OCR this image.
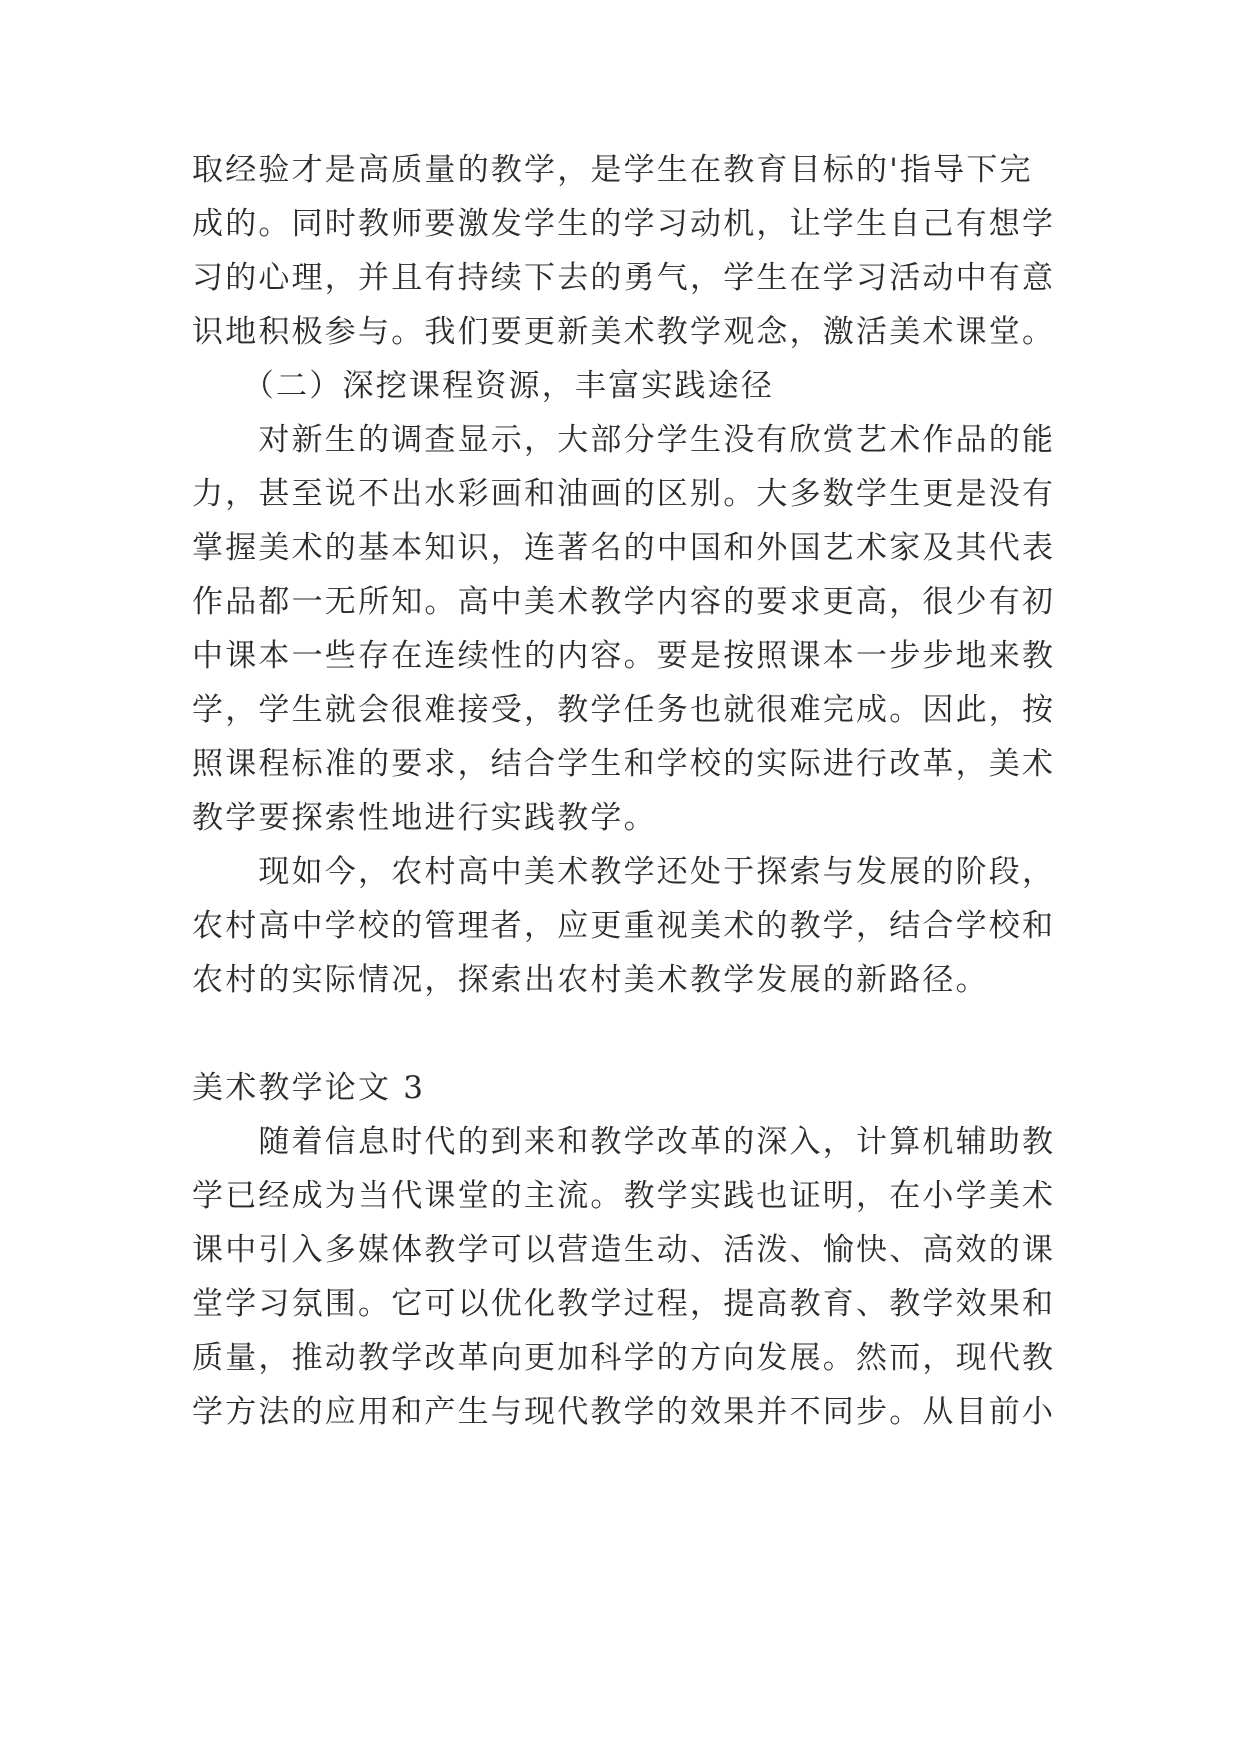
取经验才是高质量的教学，是学生在教育目标的'指导下完
成的。同时教师要激发学生的学习动机，让学生自己有想学
习的心理，并且有持续下去的勇气，学生在学习活动中有意
识地积极参与。我们要更新美术教学观念，激活美术课堂。
　　（二）深挖课程资源，丰富实践途径
　　对新生的调查显示，大部分学生没有欣赏艺术作品的能
力，甚至说不出水彩画和油画的区别。大多数学生更是没有
掌握美术的基本知识，连著名的中国和外国艺术家及其代表
作品都一无所知。高中美术教学内容的要求更高，很少有初
中课本一些存在连续性的内容。要是按照课本一步步地来教
学，学生就会很难接受，教学任务也就很难完成。因此，按
照课程标准的要求，结合学生和学校的实际进行改革，美术
教学要探索性地进行实践教学。
　　现如今，农村高中美术教学还处于探索与发展的阶段，
农村高中学校的管理者，应更重视美术的教学，结合学校和
农村的实际情况，探索出农村美术教学发展的新路径。
美术教学论文 3
　　随着信息时代的到来和教学改革的深入，计算机辅助教
学已经成为当代课堂的主流。教学实践也证明，在小学美术
课中引入多媒体教学可以营造生动、活泼、愉快、高效的课
堂学习氛围。它可以优化教学过程，提高教育、教学效果和
质量，推动教学改革向更加科学的方向发展。然而，现代教
学方法的应用和产生与现代教学的效果并不同步。从目前小
